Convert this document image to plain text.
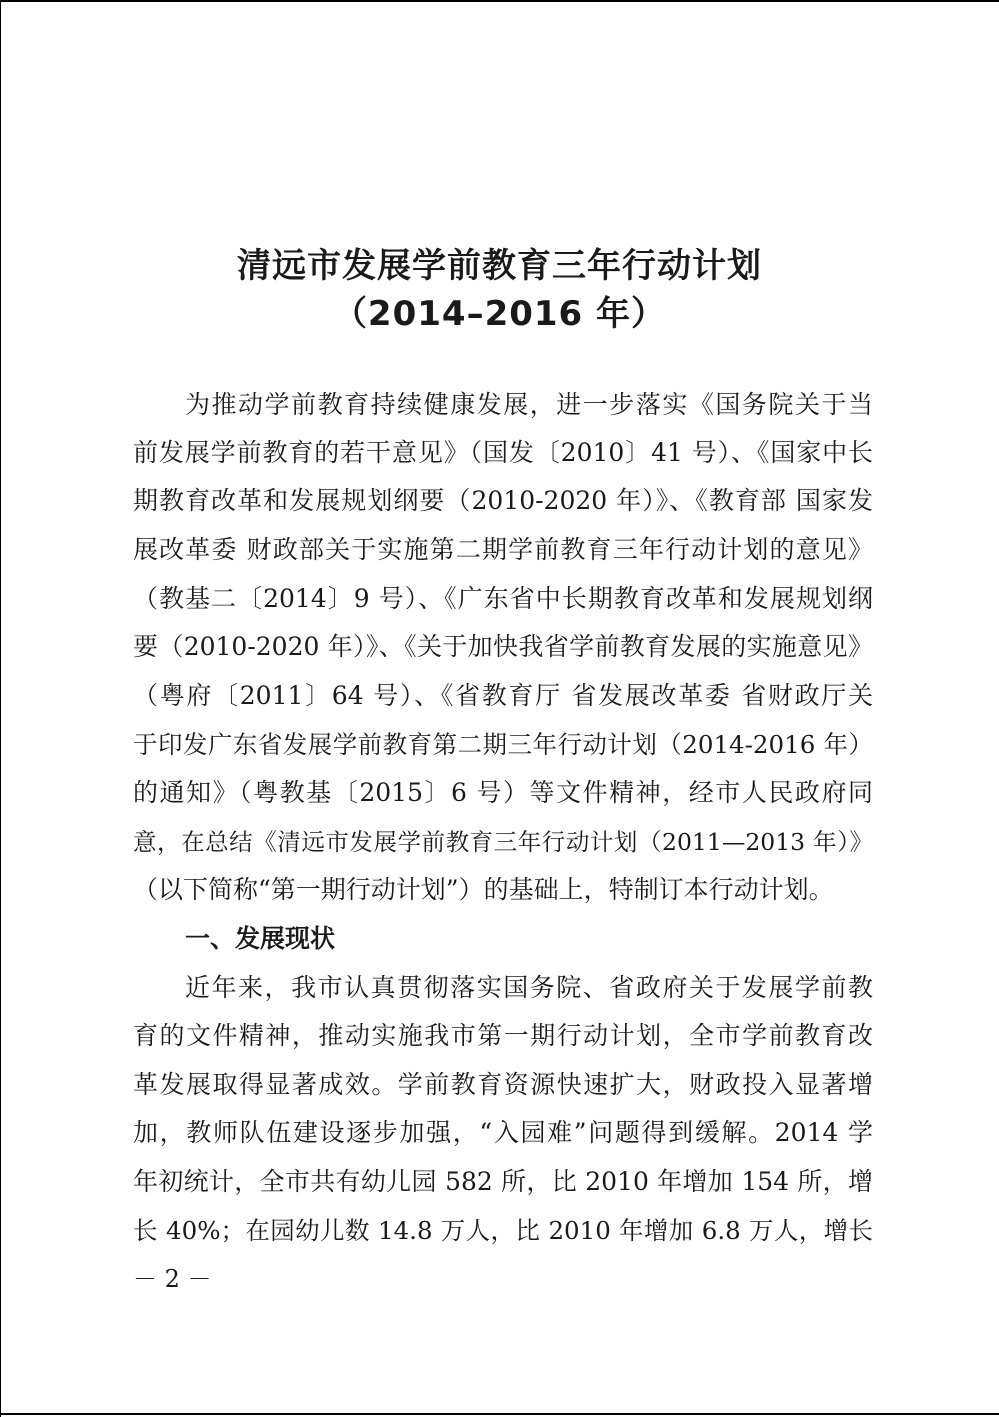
清远市发展学前教育三年行动计划
（2014–2016 年）
为推动学前教育持续健康发展，进一步落实《国务院关于当
前发展学前教育的若干意见》（国发〔2010〕41 号）、《国家中长
期教育改革和发展规划纲要（2010-2020 年）》、《教育部 国家发
展改革委 财政部关于实施第二期学前教育三年行动计划的意见》
（教基二〔2014〕9 号）、《广东省中长期教育改革和发展规划纲
要（2010-2020 年）》、《关于加快我省学前教育发展的实施意见》
（粤府〔2011〕64 号）、《省教育厅 省发展改革委 省财政厅关
于印发广东省发展学前教育第二期三年行动计划（2014-2016 年）
的通知》（粤教基〔2015〕6 号）等文件精神，经市人民政府同
意，在总结《清远市发展学前教育三年行动计划（2011—2013 年）》
（以下简称“第一期行动计划”）的基础上，特制订本行动计划。
一、发展现状
近年来，我市认真贯彻落实国务院、省政府关于发展学前教
育的文件精神，推动实施我市第一期行动计划，全市学前教育改
革发展取得显著成效。学前教育资源快速扩大，财政投入显著增
加，教师队伍建设逐步加强，“入园难”问题得到缓解。2014 学
年初统计，全市共有幼儿园 582 所，比 2010 年增加 154 所，增
长 40%；在园幼儿数 14.8 万人，比 2010 年增加 6.8 万人，增长
－ 2 －
